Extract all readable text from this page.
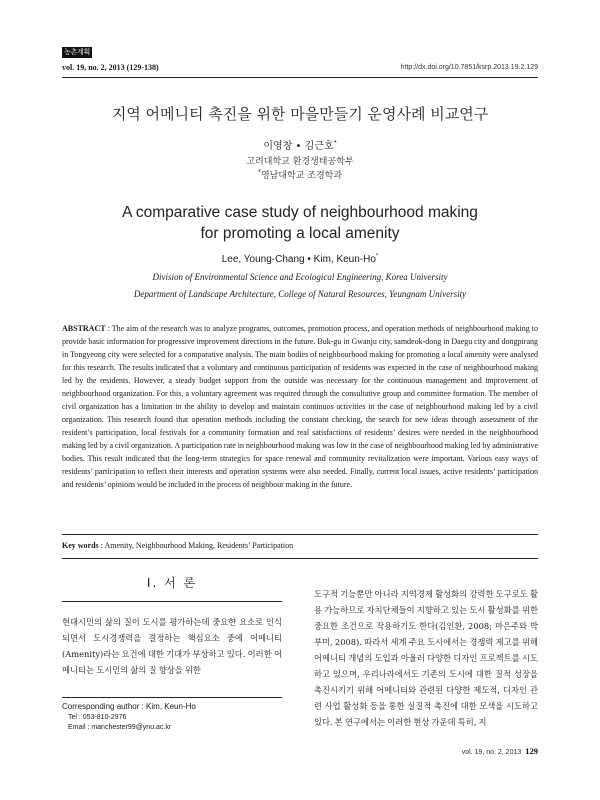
농촌계획
vol. 19, no. 2, 2013 (129-138)	http://dx.doi.org/10.7851/ksrp.2013.19.2.129
지역 어메니티 촉진을 위한 마을만들기 운영사례 비교연구
이영창 • 김근호*
고려대학교 환경생태공학부
*영남대학교 조경학과
A comparative case study of neighbourhood making
for promoting a local amenity
Lee, Young-Chang • Kim, Keun-Ho*
Division of Environmental Science and Ecological Engineering, Korea University
Department of Landscape Architecture, College of Natural Resources, Yeungnam University

ABSTRACT : The aim of the research was to analyze programs, outcomes, promotion process, and operation methods of neighbourhood making to provide basic information for progressive improvement directions in the future. Buk-gu in Gwanju city, samdeok-dong in Daegu city and dongpirang in Tongyeong city were selected for a comparative analysis. The main bodies of neighbourhood making for promoting a local amenity were analysed for this research. The results indicated that a voluntary and continuous participation of residents was expected in the case of neighbourhood making led by the residents. However, a steady budget support from the outside was necessary for the continuous management and improvement of neighbourhood organization. For this, a voluntary agreement was required through the consultative group and committee formation. The member of civil organization has a limitation in the ability to develop and maintain continuos activities in the case of neighbourhood making led by a civil organization. This research found that operation methods including the constant checking, the search for new ideas through assessment of the resident’s participation, local festivals for a community formation and real satisfactions of residents’ desires were needed in the neighbourhood making led by a civil organization. A participation rate in neighbourhood making was low in the case of neighbourhood making led by administrative bodies. This result indicated that the long-term strategics for space renewal and community revitalization were important. Various easy ways of residents’ participation to reflect their interests and operation systems were also needed. Finally, current local issues, active residents’ participation and residents’ opinions would be included in the process of neighbour making in the future.

Key words : Amenity, Neighbourhood Making, Residents’ Participation
Ⅰ. 서 론

현대시민의 삶의 질이 도시를 평가하는데 중요한 요소로 인식되면서 도시경쟁력을 결정하는 핵심요소 중에 어메니티(Amenity)라는 요건에 대한 기대가 부상하고 있다. 이러한 어메니티는 도시민의 삶의 질 향상을 위한

도구적 기능뿐만 아니라 지역경제 활성화의 강력한 도구로도 활용 가능하므로 자치단체들이 지향하고 있는 도시 활성화를 위한 중요한 조건으로 작용하기도 한다(김인환, 2008; 마은주와 박부미, 2008). 따라서 세계 주요 도시에서는 경쟁력 제고를 위해 어메니티 개념의 도입과 아울러 다양한 디자인 프로젝트를 시도하고 있으며, 우리나라에서도 기존의 도시에 대한 질적 성장을 촉진시키기 위해 어메니티와 관련된 다양한 제도적, 디자인 관련 사업 활성화 등을 통한 실질적 촉진에 대한 모색을 시도하고 있다. 본 연구에서는 이러한 현상 가운데 특히, 지

Corresponding author : Kim, Keun-Ho
Tel : 053-810-2976
Email : manchester99@ynu.ac.kr
vol. 19, no. 2, 2013 129
